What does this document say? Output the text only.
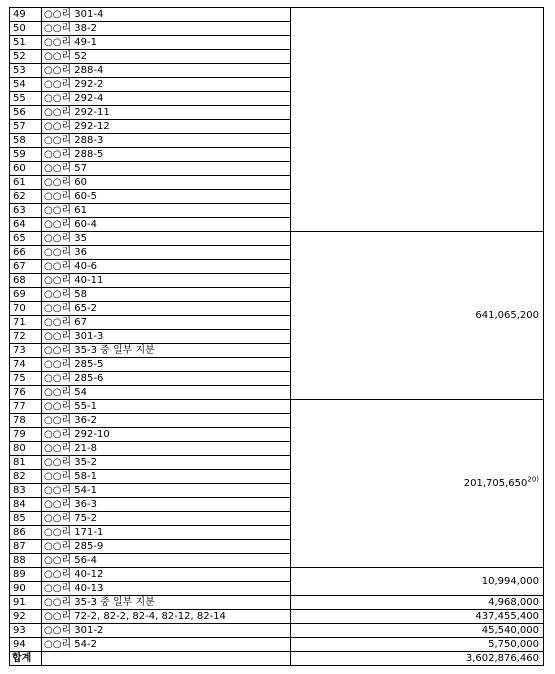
49	○○리 301-4	
50	○○리 38-2	
51	○○리 49-1	
52	○○리 52	
53	○○리 288-4	
54	○○리 292-2	
55	○○리 292-4	
56	○○리 292-11	
57	○○리 292-12	
58	○○리 288-3	
59	○○리 288-5	
60	○○리 57	
61	○○리 60	
62	○○리 60-5	
63	○○리 61	
64	○○리 60-4	
65	○○리 35	641,065,200
66	○○리 36	
67	○○리 40-6	
68	○○리 40-11	
69	○○리 58	
70	○○리 65-2	
71	○○리 67	
72	○○리 301-3	
73	○○리 35-3 중 일부 지분	
74	○○리 285-5	
75	○○리 285-6	
76	○○리 54	
77	○○리 55-1	201,705,650$^{20)}$
78	○○리 36-2	
79	○○리 292-10	
80	○○리 21-8	
81	○○리 35-2	
82	○○리 58-1	
83	○○리 54-1	
84	○○리 36-3	
85	○○리 75-2	
86	○○리 171-1	
87	○○리 285-9	
88	○○리 56-4	
89	○○리 40-12	10,994,000
90	○○리 40-13	
91	○○리 35-3 중 일부 지분	4,968,000
92	○○리 72-2, 82-2, 82-4, 82-12, 82-14	437,455,400
93	○○리 301-2	45,540,000
94	○○리 54-2	5,750,000
합계		3,602,876,460
